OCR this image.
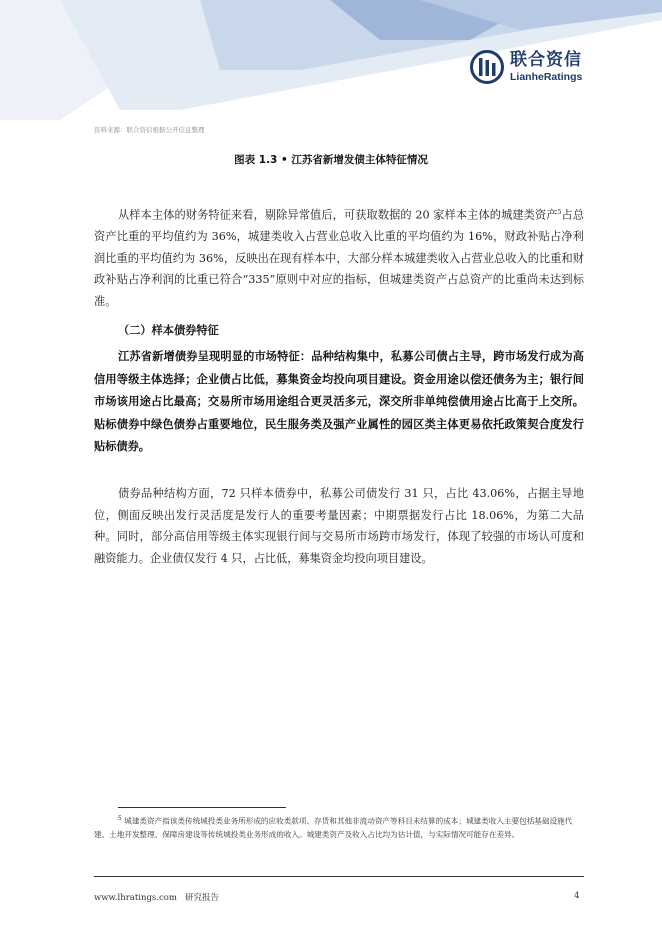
联合资信
LianheRatings
资料来源：联合资信根据公开信息整理
图表 1.3 • 江苏省新增发债主体特征情况

从样本主体的财务特征来看，剔除异常值后，可获取数据的 20 家样本主体的城建类资产$^5$占总资产比重的平均值约为 36%，城建类收入占营业总收入比重的平均值约为 16%，财政补贴占净利润比重的平均值约为 36%，反映出在现有样本中，大部分样本城建类收入占营业总收入的比重和财政补贴占净利润的比重已符合“335”原则中对应的指标，但城建类资产占总资产的比重尚未达到标准。

（二）样本债券特征

江苏省新增债券呈现明显的市场特征：品种结构集中，私募公司债占主导，跨市场发行成为高信用等级主体选择；企业债占比低，募集资金均投向项目建设。资金用途以偿还债务为主；银行间市场该用途占比最高；交易所市场用途组合更灵活多元，深交所非单纯偿债用途占比高于上交所。贴标债券中绿色债券占重要地位，民生服务类及强产业属性的园区类主体更易依托政策契合度发行贴标债券。

债券品种结构方面，72 只样本债券中，私募公司债发行 31 只，占比 43.06%，占据主导地位，侧面反映出发行灵活度是发行人的重要考量因素；中期票据发行占比 18.06%，为第二大品种。同时，部分高信用等级主体实现银行间与交易所市场跨市场发行，体现了较强的市场认可度和融资能力。企业债仅发行 4 只，占比低，募集资金均投向项目建设。

$^5$ 城建类资产指该类传统城投类业务所形成的应收类款项、存货和其他非流动资产等科目未结算的成本；城建类收入主要包括基础设施代建、土地开发整理、保障房建设等传统城投类业务形成的收入。城建类资产及收入占比均为估计值，与实际情况可能存在差异。
www.lhratings.com 研究报告	4
